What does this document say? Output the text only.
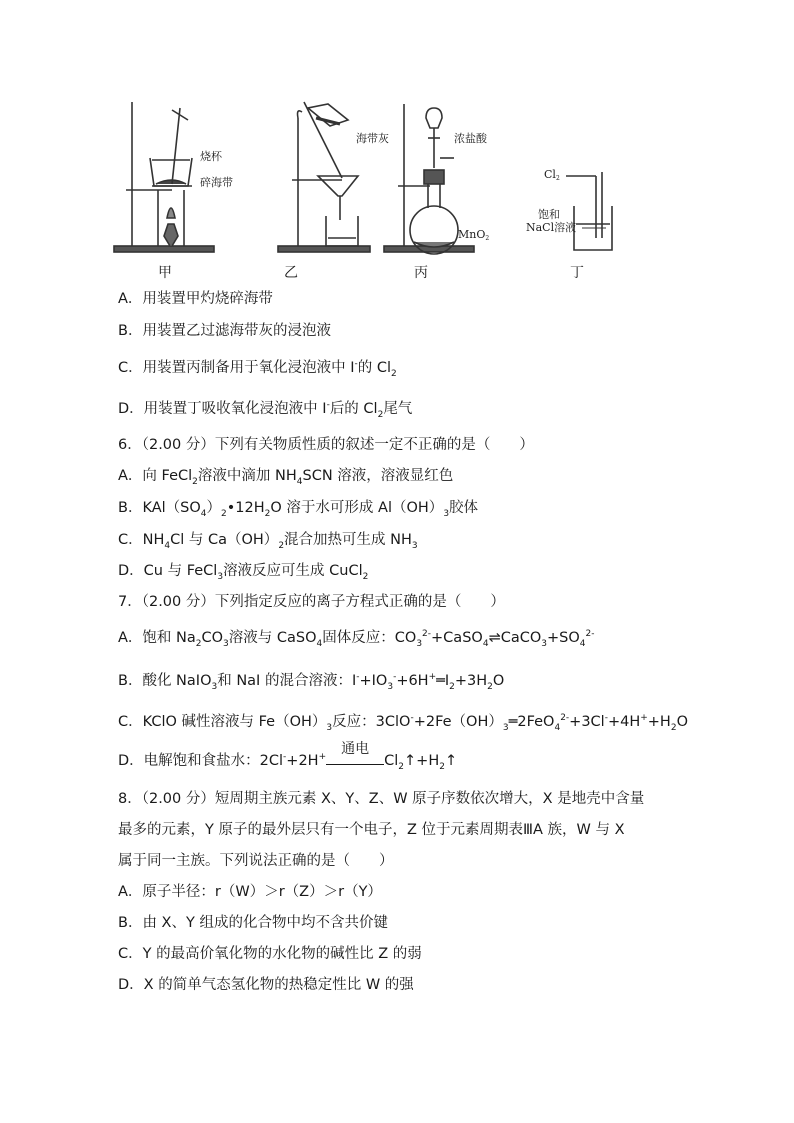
烧杯
碎海带
海带灰	浓盐酸
MnO2
Cl2
饱和
NaCl溶液
甲	乙	丙	丁
A．用装置甲灼烧碎海带
B．用装置乙过滤海带灰的浸泡液
C．用装置丙制备用于氧化浸泡液中 I-的 $Cl_2$
D．用装置丁吸收氧化浸泡液中 I-后的 $Cl_2$尾气
6．（2.00 分）下列有关物质性质的叙述一定不正确的是（　　）
A．向 FeCl$_2$溶液中滴加 $NH_4SCN$ 溶液，溶液显红色
B．$KAl(SO_4)_2•12H_2O$ 溶于水可形成 $Al(OH)_3$胶体
C．$NH_4Cl$ 与 $Ca(OH)_2$混合加热可生成 $NH_3$
D．Cu 与 FeCl$_3$溶液反应可生成 CuCl$_2$
7．（2.00 分）下列指定反应的离子方程式正确的是（　　）
A．饱和 $Na_2CO_3$溶液与 CaSO$_4$固体反应：$CO_3^{2-}+CaSO_4\rightleftharpoons CaCO_3+SO_4^{2-}$
B．酸化 NaIO$_3$和 NaI 的混合溶液：$I^-+IO_3^-+6H^+═I_2+3H_2O$
C．KClO 碱性溶液与 $Fe(OH)_3$反应：$3ClO^-+2Fe(OH)_3═2FeO_4^{2-}+3Cl^-+4H^++H_2O$
D．电解饱和食盐水：2Cl-+2H+
通电
$Cl_2↑+H_2↑$
8．（2.00 分）短周期主族元素 X、Y、Z、W 原子序数依次增大，X 是地壳中含量
最多的元素，Y 原子的最外层只有一个电子，Z 位于元素周期表ⅢA 族，W 与 X
属于同一主族。下列说法正确的是（　　）
A．原子半径：r（W）＞r（Z）＞r（Y）
B．由 X、Y 组成的化合物中均不含共价键
C．Y 的最高价氧化物的水化物的碱性比 Z 的弱
D．X 的简单气态氢化物的热稳定性比 W 的强
